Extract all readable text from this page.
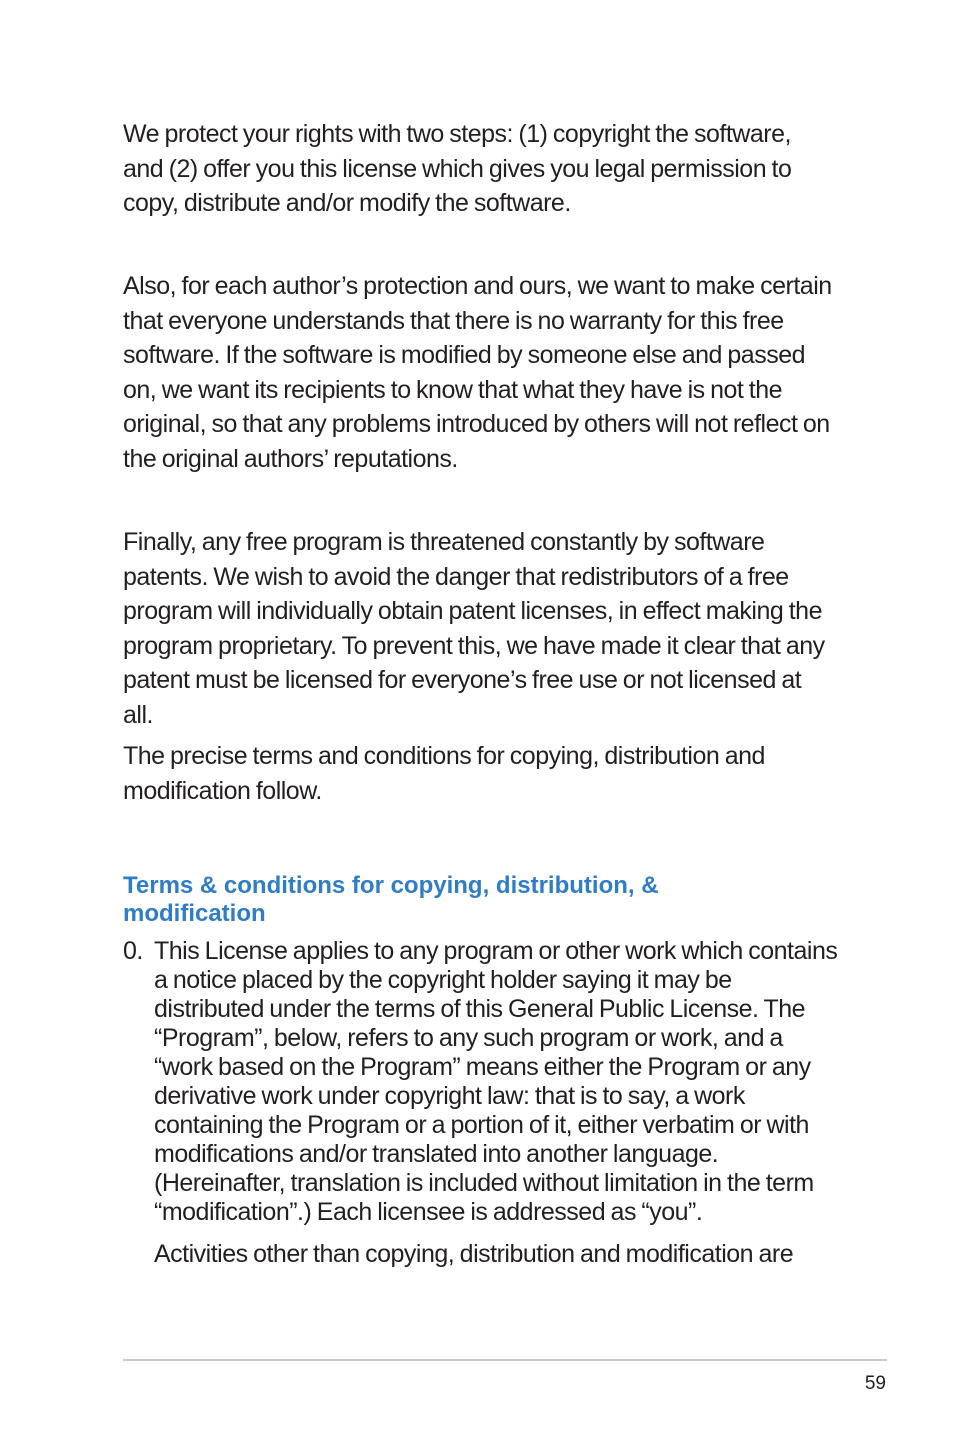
We protect your rights with two steps: (1) copyright the software, and (2) offer you this license which gives you legal permission to copy, distribute and/or modify the software.

Also, for each author’s protection and ours, we want to make certain that everyone understands that there is no warranty for this free software. If the software is modified by someone else and passed on, we want its recipients to know that what they have is not the original, so that any problems introduced by others will not reflect on the original authors’ reputations.

Finally, any free program is threatened constantly by software patents. We wish to avoid the danger that redistributors of a free program will individually obtain patent licenses, in effect making the program proprietary. To prevent this, we have made it clear that any patent must be licensed for everyone’s free use or not licensed at all.

The precise terms and conditions for copying, distribution and modification follow.

Terms & conditions for copying, distribution, & modification
0. This License applies to any program or other work which contains a notice placed by the copyright holder saying it may be distributed under the terms of this General Public License. The “Program”, below, refers to any such program or work, and a “work based on the Program” means either the Program or any derivative work under copyright law: that is to say, a work containing the Program or a portion of it, either verbatim or with modifications and/or translated into another language. (Hereinafter, translation is included without limitation in the term “modification”.) Each licensee is addressed as “you”.

Activities other than copying, distribution and modification are

59
